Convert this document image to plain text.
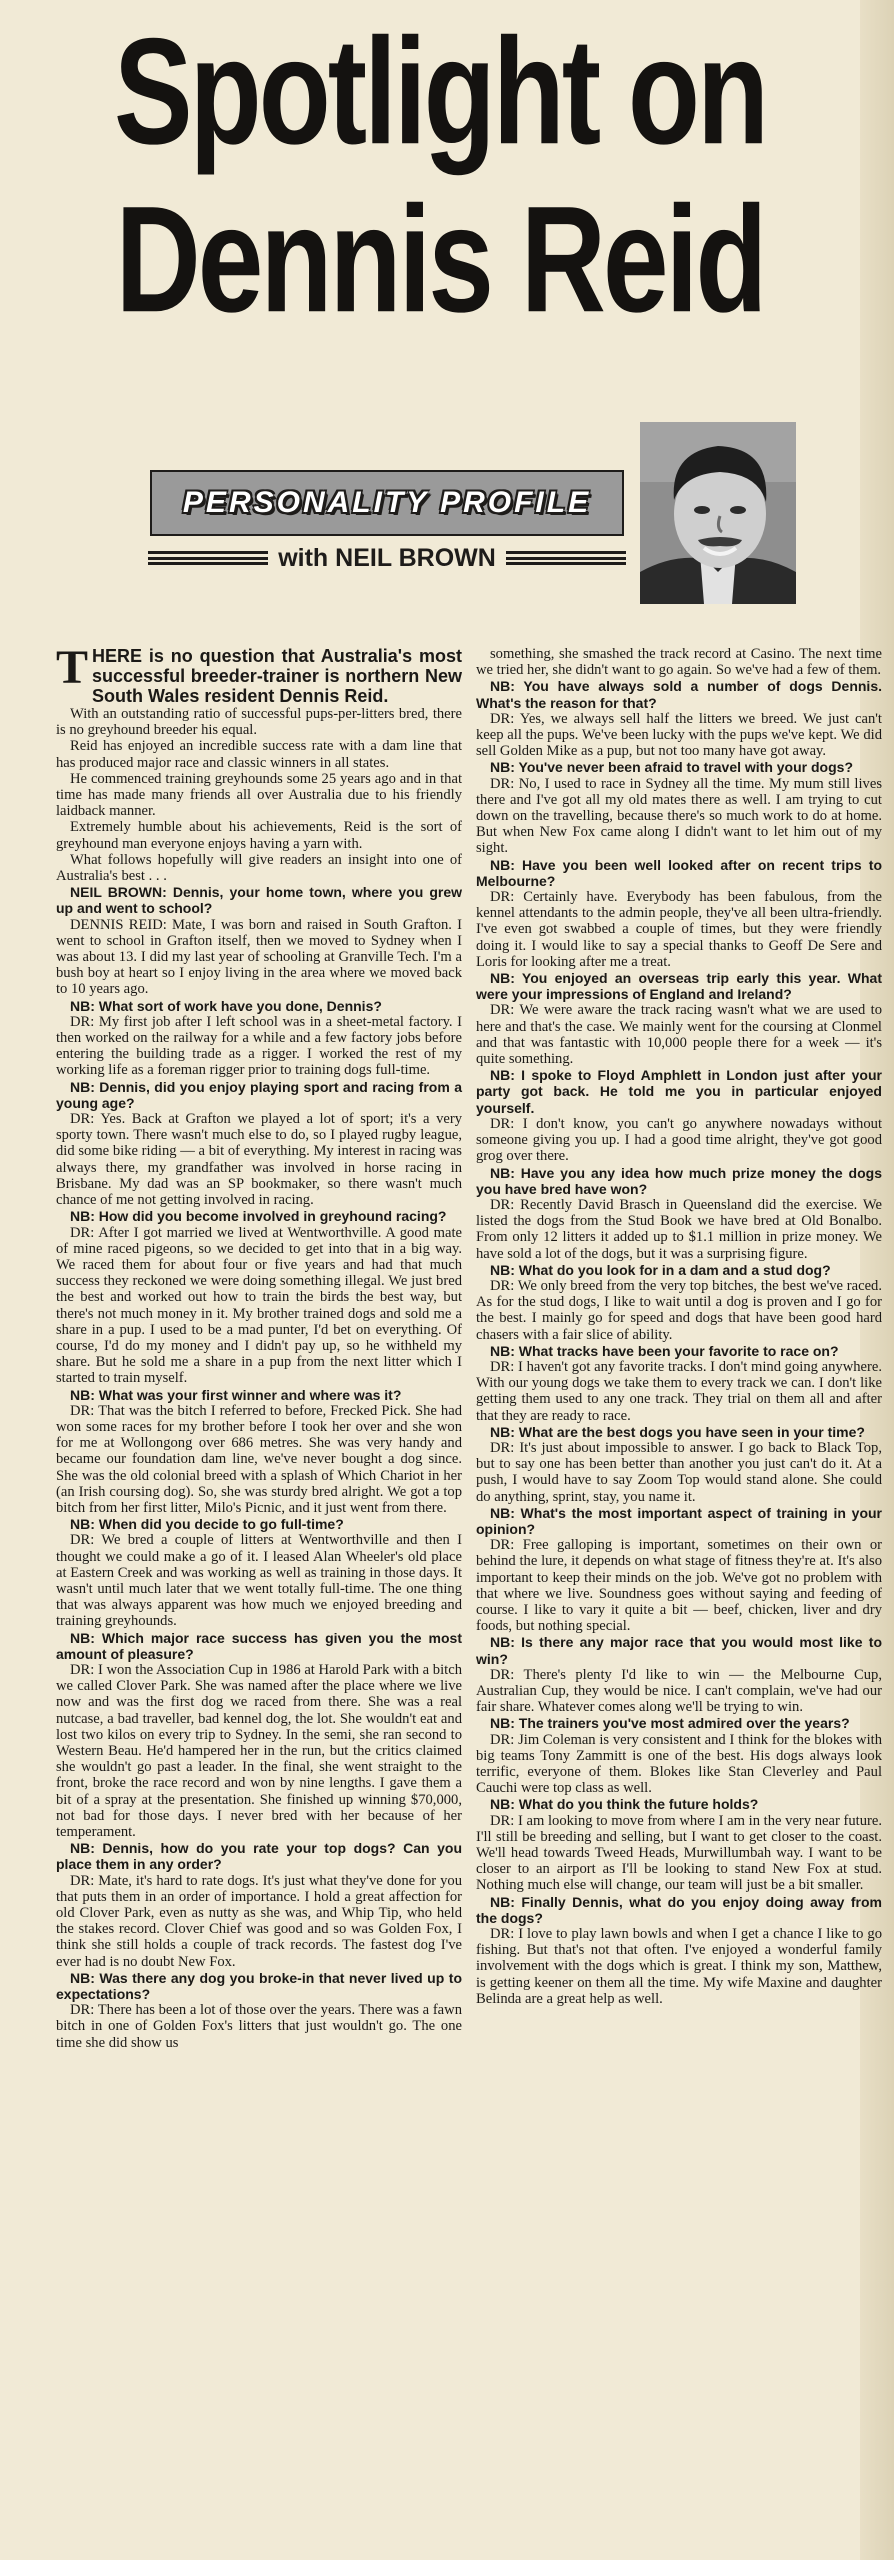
Spotlight on
Dennis Reid
PERSONALITY PROFILE
with NEIL BROWN

THERE is no question that Australia's most successful breeder-trainer is northern New South Wales resident Dennis Reid.

With an outstanding ratio of successful pups-per-litters bred, there is no greyhound breeder his equal.

Reid has enjoyed an incredible success rate with a dam line that has produced major race and classic winners in all states.

He commenced training greyhounds some 25 years ago and in that time has made many friends all over Australia due to his friendly laidback manner.

Extremely humble about his achievements, Reid is the sort of greyhound man everyone enjoys having a yarn with.

What follows hopefully will give readers an insight into one of Australia's best . . .

NEIL BROWN: Dennis, your home town, where you grew up and went to school?

DENNIS REID: Mate, I was born and raised in South Grafton. I went to school in Grafton itself, then we moved to Sydney when I was about 13. I did my last year of schooling at Granville Tech. I'm a bush boy at heart so I enjoy living in the area where we moved back to 10 years ago.

NB: What sort of work have you done, Dennis?

DR: My first job after I left school was in a sheet-metal factory. I then worked on the railway for a while and a few factory jobs before entering the building trade as a rigger. I worked the rest of my working life as a foreman rigger prior to training dogs full-time.

NB: Dennis, did you enjoy playing sport and racing from a young age?

DR: Yes. Back at Grafton we played a lot of sport; it's a very sporty town. There wasn't much else to do, so I played rugby league, did some bike riding — a bit of everything. My interest in racing was always there, my grandfather was involved in horse racing in Brisbane. My dad was an SP bookmaker, so there wasn't much chance of me not getting involved in racing.

NB: How did you become involved in greyhound racing?

DR: After I got married we lived at Wentworthville. A good mate of mine raced pigeons, so we decided to get into that in a big way. We raced them for about four or five years and had that much success they reckoned we were doing something illegal. We just bred the best and worked out how to train the birds the best way, but there's not much money in it. My brother trained dogs and sold me a share in a pup. I used to be a mad punter, I'd bet on everything. Of course, I'd do my money and I didn't pay up, so he withheld my share. But he sold me a share in a pup from the next litter which I started to train myself.

NB: What was your first winner and where was it?

DR: That was the bitch I referred to before, Frecked Pick. She had won some races for my brother before I took her over and she won for me at Wollongong over 686 metres. She was very handy and became our foundation dam line, we've never bought a dog since. She was the old colonial breed with a splash of Which Chariot in her (an Irish coursing dog). So, she was sturdy bred alright. We got a top bitch from her first litter, Milo's Picnic, and it just went from there.

NB: When did you decide to go full-time?

DR: We bred a couple of litters at Wentworthville and then I thought we could make a go of it. I leased Alan Wheeler's old place at Eastern Creek and was working as well as training in those days. It wasn't until much later that we went totally full-time. The one thing that was always apparent was how much we enjoyed breeding and training greyhounds.

NB: Which major race success has given you the most amount of pleasure?

DR: I won the Association Cup in 1986 at Harold Park with a bitch we called Clover Park. She was named after the place where we live now and was the first dog we raced from there. She was a real nutcase, a bad traveller, bad kennel dog, the lot. She wouldn't eat and lost two kilos on every trip to Sydney. In the semi, she ran second to Western Beau. He'd hampered her in the run, but the critics claimed she wouldn't go past a leader. In the final, she went straight to the front, broke the race record and won by nine lengths. I gave them a bit of a spray at the presentation. She finished up winning $70,000, not bad for those days. I never bred with her because of her temperament.

NB: Dennis, how do you rate your top dogs? Can you place them in any order?

DR: Mate, it's hard to rate dogs. It's just what they've done for you that puts them in an order of importance. I hold a great affection for old Clover Park, even as nutty as she was, and Whip Tip, who held the stakes record. Clover Chief was good and so was Golden Fox, I think she still holds a couple of track records. The fastest dog I've ever had is no doubt New Fox.

NB: Was there any dog you broke-in that never lived up to expectations?

DR: There has been a lot of those over the years. There was a fawn bitch in one of Golden Fox's litters that just wouldn't go. The one time she did show us

something, she smashed the track record at Casino. The next time we tried her, she didn't want to go again. So we've had a few of them.

NB: You have always sold a number of dogs Dennis. What's the reason for that?

DR: Yes, we always sell half the litters we breed. We just can't keep all the pups. We've been lucky with the pups we've kept. We did sell Golden Mike as a pup, but not too many have got away.

NB: You've never been afraid to travel with your dogs?

DR: No, I used to race in Sydney all the time. My mum still lives there and I've got all my old mates there as well. I am trying to cut down on the travelling, because there's so much work to do at home. But when New Fox came along I didn't want to let him out of my sight.

NB: Have you been well looked after on recent trips to Melbourne?

DR: Certainly have. Everybody has been fabulous, from the kennel attendants to the admin people, they've all been ultra-friendly. I've even got swabbed a couple of times, but they were friendly doing it. I would like to say a special thanks to Geoff De Sere and Loris for looking after me a treat.

NB: You enjoyed an overseas trip early this year. What were your impressions of England and Ireland?

DR: We were aware the track racing wasn't what we are used to here and that's the case. We mainly went for the coursing at Clonmel and that was fantastic with 10,000 people there for a week — it's quite something.

NB: I spoke to Floyd Amphlett in London just after your party got back. He told me you in particular enjoyed yourself.

DR: I don't know, you can't go anywhere nowadays without someone giving you up. I had a good time alright, they've got good grog over there.

NB: Have you any idea how much prize money the dogs you have bred have won?

DR: Recently David Brasch in Queensland did the exercise. We listed the dogs from the Stud Book we have bred at Old Bonalbo. From only 12 litters it added up to $1.1 million in prize money. We have sold a lot of the dogs, but it was a surprising figure.

NB: What do you look for in a dam and a stud dog?

DR: We only breed from the very top bitches, the best we've raced. As for the stud dogs, I like to wait until a dog is proven and I go for the best. I mainly go for speed and dogs that have been good hard chasers with a fair slice of ability.

NB: What tracks have been your favorite to race on?

DR: I haven't got any favorite tracks. I don't mind going anywhere. With our young dogs we take them to every track we can. I don't like getting them used to any one track. They trial on them all and after that they are ready to race.

NB: What are the best dogs you have seen in your time?

DR: It's just about impossible to answer. I go back to Black Top, but to say one has been better than another you just can't do it. At a push, I would have to say Zoom Top would stand alone. She could do anything, sprint, stay, you name it.

NB: What's the most important aspect of training in your opinion?

DR: Free galloping is important, sometimes on their own or behind the lure, it depends on what stage of fitness they're at. It's also important to keep their minds on the job. We've got no problem with that where we live. Soundness goes without saying and feeding of course. I like to vary it quite a bit — beef, chicken, liver and dry foods, but nothing special.

NB: Is there any major race that you would most like to win?

DR: There's plenty I'd like to win — the Melbourne Cup, Australian Cup, they would be nice. I can't complain, we've had our fair share. Whatever comes along we'll be trying to win.

NB: The trainers you've most admired over the years?

DR: Jim Coleman is very consistent and I think for the blokes with big teams Tony Zammitt is one of the best. His dogs always look terrific, everyone of them. Blokes like Stan Cleverley and Paul Cauchi were top class as well.

NB: What do you think the future holds?

DR: I am looking to move from where I am in the very near future. I'll still be breeding and selling, but I want to get closer to the coast. We'll head towards Tweed Heads, Murwillumbah way. I want to be closer to an airport as I'll be looking to stand New Fox at stud. Nothing much else will change, our team will just be a bit smaller.

NB: Finally Dennis, what do you enjoy doing away from the dogs?

DR: I love to play lawn bowls and when I get a chance I like to go fishing. But that's not that often. I've enjoyed a wonderful family involvement with the dogs which is great. I think my son, Matthew, is getting keener on them all the time. My wife Maxine and daughter Belinda are a great help as well.
